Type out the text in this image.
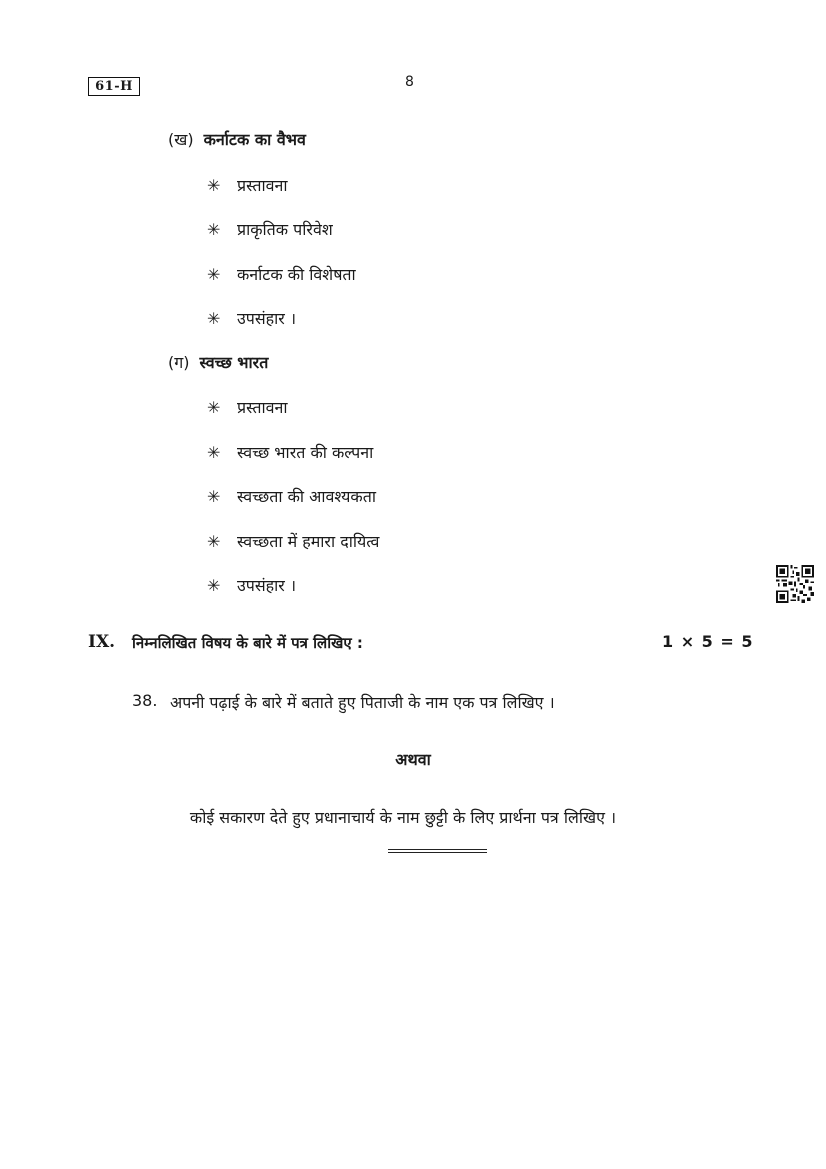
61-H	8
(ख) कर्नाटक का वैभव
✳ प्रस्तावना
✳ प्राकृतिक परिवेश
✳ कर्नाटक की विशेषता
✳ उपसंहार ।
(ग) स्वच्छ भारत
✳ प्रस्तावना
✳ स्वच्छ भारत की कल्पना
✳ स्वच्छता की आवश्यकता
✳ स्वच्छता में हमारा दायित्व
✳ उपसंहार ।
IX. निम्नलिखित विषय के बारे में पत्र लिखिए :	1 × 5 = 5
38. अपनी पढ़ाई के बारे में बताते हुए पिताजी के नाम एक पत्र लिखिए ।
अथवा
कोई सकारण देते हुए प्रधानाचार्य के नाम छुट्टी के लिए प्रार्थना पत्र लिखिए ।
